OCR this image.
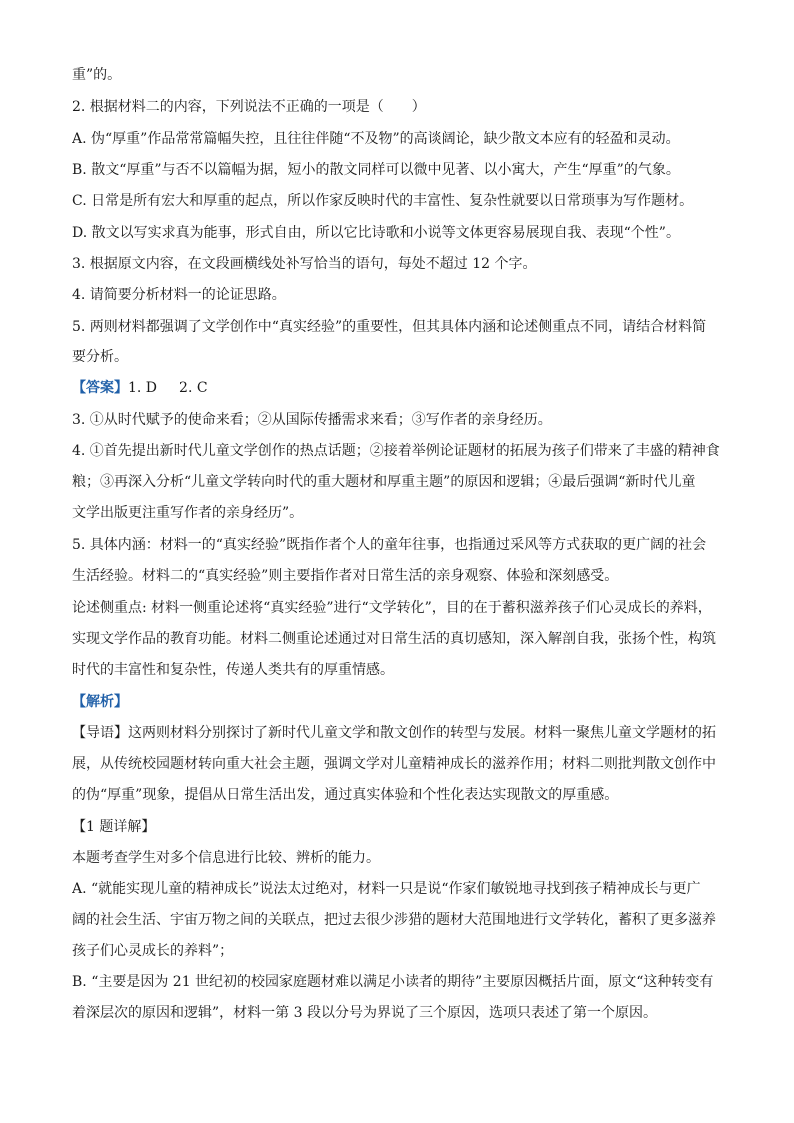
重”的。
2. 根据材料二的内容，下列说法不正确的一项是（　　）
A. 伪“厚重”作品常常篇幅失控，且往往伴随“不及物”的高谈阔论，缺少散文本应有的轻盈和灵动。
B. 散文“厚重”与否不以篇幅为据，短小的散文同样可以微中见著、以小寓大，产生“厚重”的气象。
C. 日常是所有宏大和厚重的起点，所以作家反映时代的丰富性、复杂性就要以日常琐事为写作题材。
D. 散文以写实求真为能事，形式自由，所以它比诗歌和小说等文体更容易展现自我、表现“个性”。
3. 根据原文内容，在文段画横线处补写恰当的语句，每处不超过 12 个字。
4. 请简要分析材料一的论证思路。
5. 两则材料都强调了文学创作中“真实经验”的重要性，但其具体内涵和论述侧重点不同，请结合材料简
要分析。
【答案】1. D 2. C
3. ①从时代赋予的使命来看；②从国际传播需求来看；③写作者的亲身经历。
4. ①首先提出新时代儿童文学创作的热点话题；②接着举例论证题材的拓展为孩子们带来了丰盛的精神食
粮；③再深入分析“儿童文学转向时代的重大题材和厚重主题”的原因和逻辑；④最后强调“新时代儿童
文学出版更注重写作者的亲身经历”。
5. 具体内涵：材料一的“真实经验”既指作者个人的童年往事，也指通过采风等方式获取的更广阔的社会
生活经验。材料二的“真实经验”则主要指作者对日常生活的亲身观察、体验和深刻感受。
论述侧重点: 材料一侧重论述将“真实经验”进行“文学转化”，目的在于蓄积滋养孩子们心灵成长的养料，
实现文学作品的教育功能。材料二侧重论述通过对日常生活的真切感知，深入解剖自我，张扬个性，构筑
时代的丰富性和复杂性，传递人类共有的厚重情感。
【解析】
【导语】这两则材料分别探讨了新时代儿童文学和散文创作的转型与发展。材料一聚焦儿童文学题材的拓
展，从传统校园题材转向重大社会主题，强调文学对儿童精神成长的滋养作用；材料二则批判散文创作中
的伪“厚重”现象，提倡从日常生活出发，通过真实体验和个性化表达实现散文的厚重感。
【1 题详解】
本题考查学生对多个信息进行比较、辨析的能力。
A. “就能实现儿童的精神成长”说法太过绝对，材料一只是说“作家们敏锐地寻找到孩子精神成长与更广
阔的社会生活、宇宙万物之间的关联点，把过去很少涉猎的题材大范围地进行文学转化，蓄积了更多滋养
孩子们心灵成长的养料”；
B. “主要是因为 21 世纪初的校园家庭题材难以满足小读者的期待”主要原因概括片面，原文“这种转变有
着深层次的原因和逻辑”，材料一第 3 段以分号为界说了三个原因，选项只表述了第一个原因。
